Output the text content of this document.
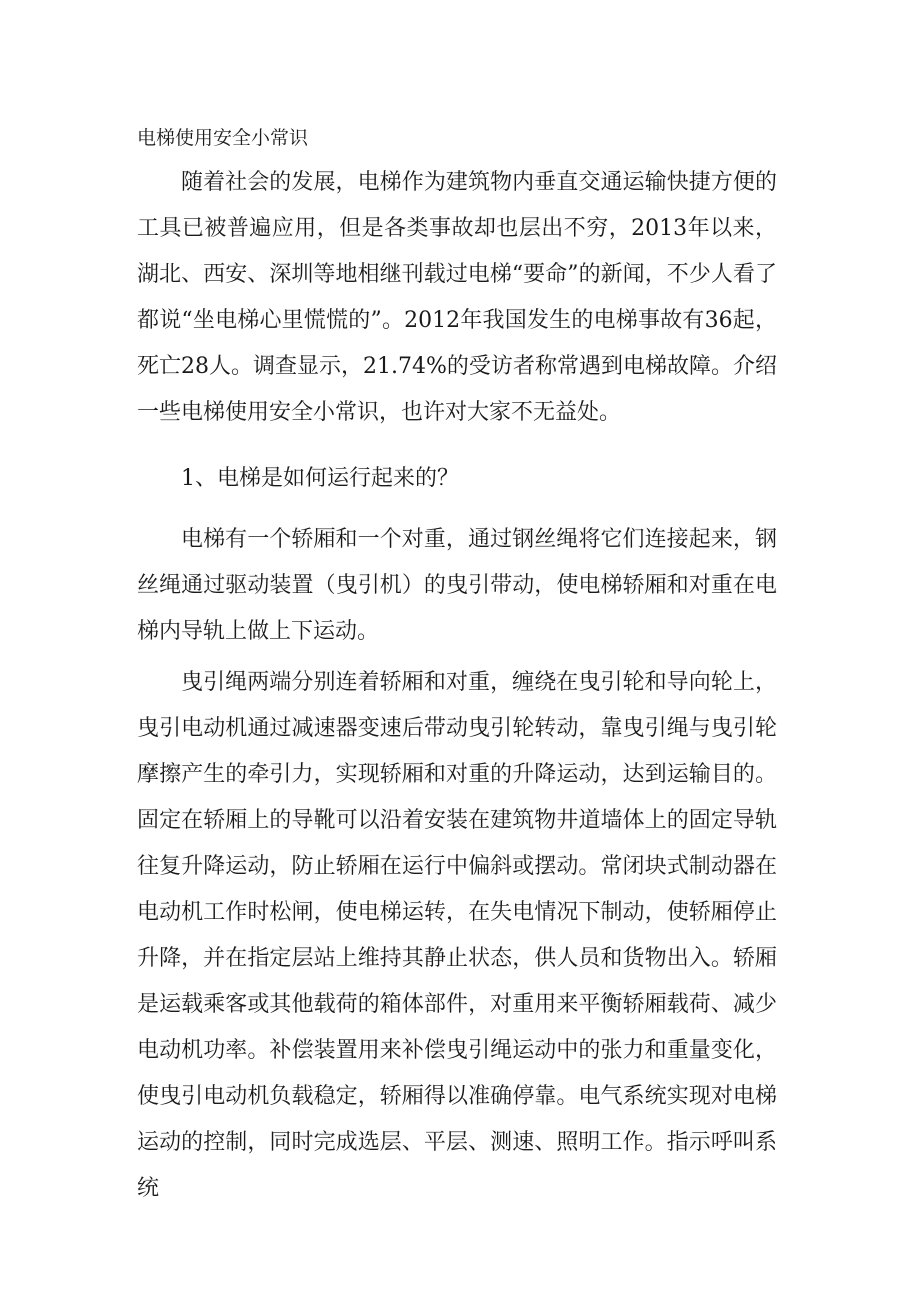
电梯使用安全小常识

随着社会的发展，电梯作为建筑物内垂直交通运输快捷方便的工具已被普遍应用，但是各类事故却也层出不穷，2013年以来，湖北、西安、深圳等地相继刊载过电梯“要命”的新闻，不少人看了都说“坐电梯心里慌慌的”。2012年我国发生的电梯事故有36起，死亡28人。调查显示，21.74%的受访者称常遇到电梯故障。介绍一些电梯使用安全小常识，也许对大家不无益处。

1、电梯是如何运行起来的？

电梯有一个轿厢和一个对重，通过钢丝绳将它们连接起来，钢丝绳通过驱动装置（曳引机）的曳引带动，使电梯轿厢和对重在电梯内导轨上做上下运动。

曳引绳两端分别连着轿厢和对重，缠绕在曳引轮和导向轮上，曳引电动机通过减速器变速后带动曳引轮转动，靠曳引绳与曳引轮摩擦产生的牵引力，实现轿厢和对重的升降运动，达到运输目的。固定在轿厢上的导靴可以沿着安装在建筑物井道墙体上的固定导轨往复升降运动，防止轿厢在运行中偏斜或摆动。常闭块式制动器在电动机工作时松闸，使电梯运转，在失电情况下制动，使轿厢停止升降，并在指定层站上维持其静止状态，供人员和货物出入。轿厢是运载乘客或其他载荷的箱体部件，对重用来平衡轿厢载荷、减少电动机功率。补偿装置用来补偿曳引绳运动中的张力和重量变化，使曳引电动机负载稳定，轿厢得以准确停靠。电气系统实现对电梯运动的控制，同时完成选层、平层、测速、照明工作。指示呼叫系统
